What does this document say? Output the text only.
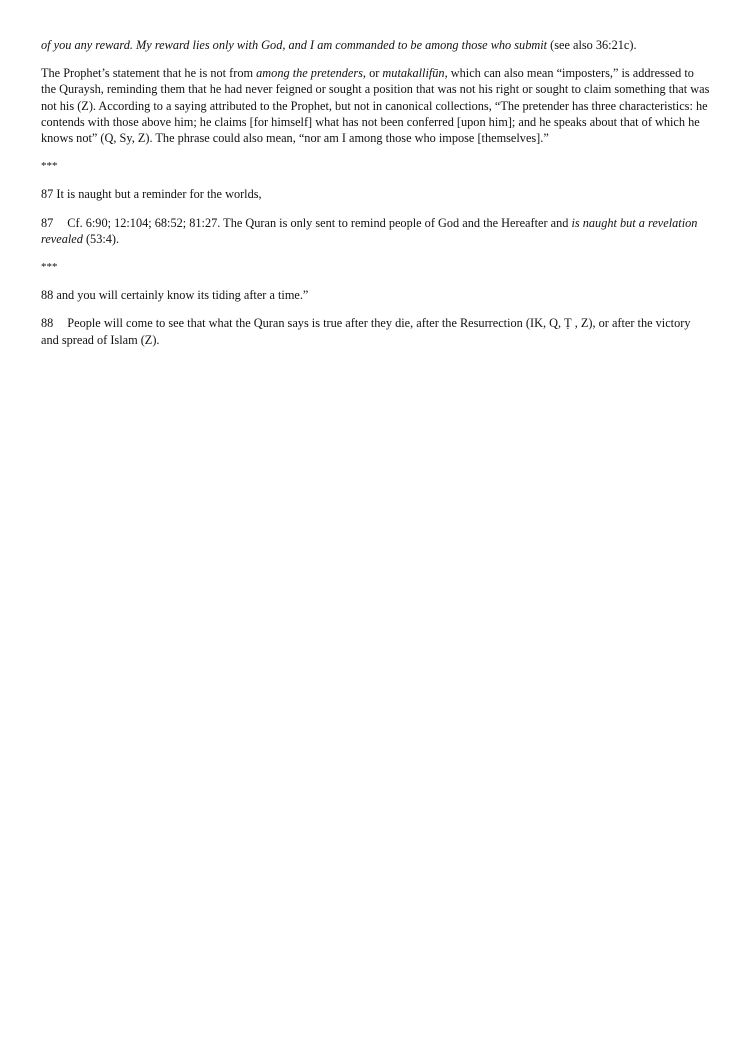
of you any reward. My reward lies only with God, and I am commanded to be among those who submit (see also 36:21c).

The Prophet’s statement that he is not from among the pretenders, or mutakallifūn, which can also mean “imposters,” is addressed to the Quraysh, reminding them that he had never feigned or sought a position that was not his right or sought to claim something that was not his (Z). According to a saying attributed to the Prophet, but not in canonical collections, “The pretender has three characteristics: he contends with those above him; he claims [for himself] what has not been conferred [upon him]; and he speaks about that of which he knows not” (Q, Sy, Z). The phrase could also mean, “nor am I among those who impose [themselves].”

***

87 It is naught but a reminder for the worlds,

87 Cf. 6:90; 12:104; 68:52; 81:27. The Quran is only sent to remind people of God and the Hereafter and is naught but a revelation revealed (53:4).

***

88 and you will certainly know its tiding after a time.”

88 People will come to see that what the Quran says is true after they die, after the Resurrection (IK, Q, Ṭ , Z), or after the victory and spread of Islam (Z).
